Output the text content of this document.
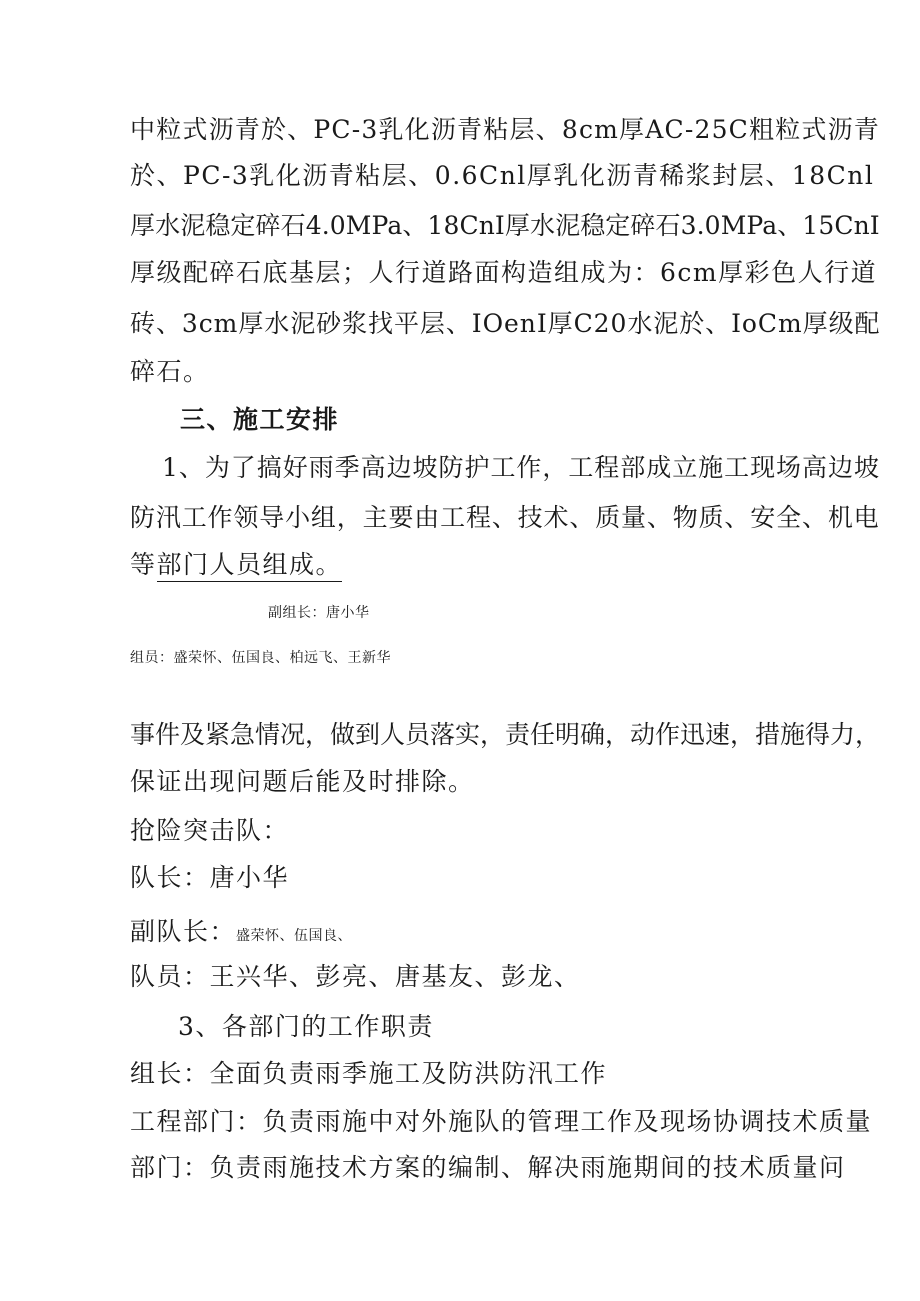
中粒式沥青於、PC-3乳化沥青粘层、8cm厚AC-25C粗粒式沥青
於、PC-3乳化沥青粘层、0.6Cnl厚乳化沥青稀浆封层、18Cnl
厚水泥稳定碎石4.0MPa、18CnI厚水泥稳定碎石3.0MPa、15CnI
厚级配碎石底基层；人行道路面构造组成为：6cm厚彩色人行道
砖、3cm厚水泥砂浆找平层、IOenI厚C20水泥於、IoCm厚级配
碎石。
三、施工安排
1、为了搞好雨季高边坡防护工作，工程部成立施工现场高边坡
防汛工作领导小组，主要由工程、技术、质量、物质、安全、机电
等部门人员组成。
副组长：唐小华
组员：盛荣怀、伍国良、柏远飞、王新华
事件及紧急情况，做到人员落实，责任明确，动作迅速，措施得力，
保证出现问题后能及时排除。
抢险突击队：
队长：唐小华
副队长：盛荣怀、伍国良、
队员：王兴华、彭亮、唐基友、彭龙、
3、各部门的工作职责
组长：全面负责雨季施工及防洪防汛工作
工程部门：负责雨施中对外施队的管理工作及现场协调技术质量
部门：负责雨施技术方案的编制、解决雨施期间的技术质量问
